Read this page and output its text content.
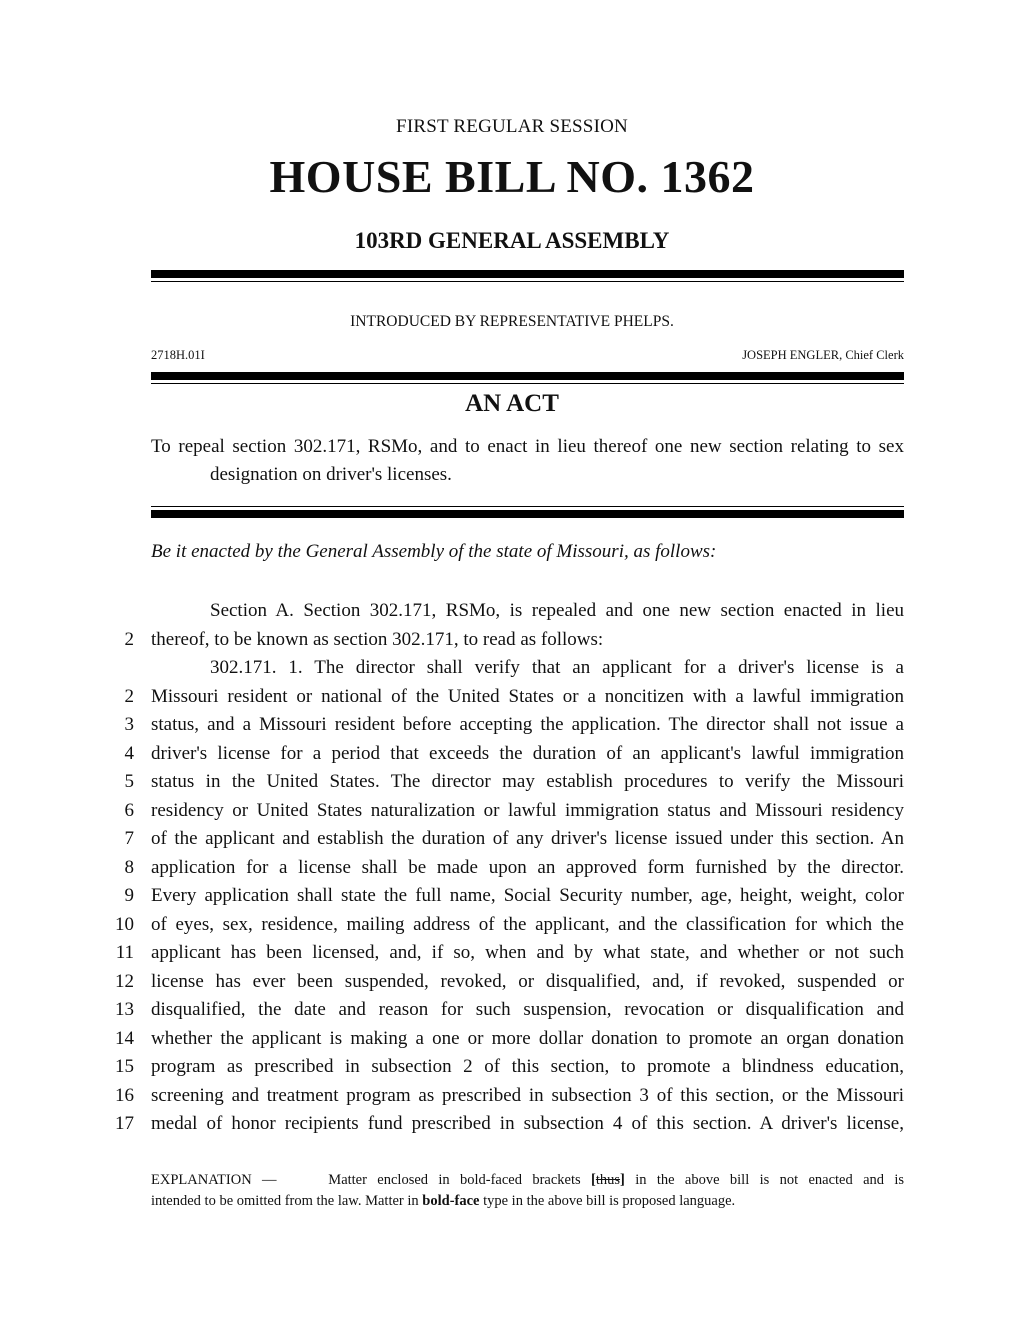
FIRST REGULAR SESSION
HOUSE BILL NO. 1362
103RD GENERAL ASSEMBLY
INTRODUCED BY REPRESENTATIVE PHELPS.
2718H.01I	JOSEPH ENGLER, Chief Clerk
AN ACT
To repeal section 302.171, RSMo, and to enact in lieu thereof one new section relating to sex
designation on driver's licenses.
Be it enacted by the General Assembly of the state of Missouri, as follows:
Section A. Section 302.171, RSMo, is repealed and one new section enacted in lieu
2 thereof, to be known as section 302.171, to read as follows:
302.171. 1. The director shall verify that an applicant for a driver's license is a
2 Missouri resident or national of the United States or a noncitizen with a lawful immigration
3 status, and a Missouri resident before accepting the application. The director shall not issue a
4 driver's license for a period that exceeds the duration of an applicant's lawful immigration
5 status in the United States. The director may establish procedures to verify the Missouri
6 residency or United States naturalization or lawful immigration status and Missouri residency
7 of the applicant and establish the duration of any driver's license issued under this section. An
8 application for a license shall be made upon an approved form furnished by the director.
9 Every application shall state the full name, Social Security number, age, height, weight, color
10 of eyes, sex, residence, mailing address of the applicant, and the classification for which the
11 applicant has been licensed, and, if so, when and by what state, and whether or not such
12 license has ever been suspended, revoked, or disqualified, and, if revoked, suspended or
13 disqualified, the date and reason for such suspension, revocation or disqualification and
14 whether the applicant is making a one or more dollar donation to promote an organ donation
15 program as prescribed in subsection 2 of this section, to promote a blindness education,
16 screening and treatment program as prescribed in subsection 3 of this section, or the Missouri
17 medal of honor recipients fund prescribed in subsection 4 of this section. A driver's license,
EXPLANATION —	Matter enclosed in bold-faced brackets [thus] in the above bill is not enacted and is
intended to be omitted from the law. Matter in bold-face type in the above bill is proposed language.
